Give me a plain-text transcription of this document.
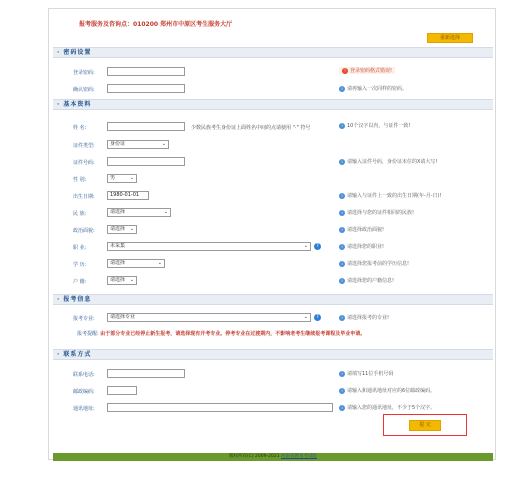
报考服务及咨询点：010200 郑州市中原区考生服务大厅
重新选择
· 密码设置
登录密码:	! 登录密码格式错误!
确认密码:	i 请再输入一次同样的密码。
· 基本资料
姓 名:	少数民族考生身份证上面姓名中间的点请使用 "·" 符号	i 10个汉字以内，与证件一致!
证件类型:	身份证	⌄
证件号码:	i 请输入证件号码，身份证末位的X请大写!
性 别:	男	⌄
出生日期:	1980-01-01	i 请输入与证件上一致的出生日期(年-月-日)!
民 族:	请选择	⌄	i 请选择与您的证件相同的民族!
政治面貌:	请选择 ⌄	i 请选择政治面貌!
职 业:	未采集	⌄	?	i 请选择您的职业!
学 历:	请选择	⌄	i 请选择您报考前的学历信息!
户 籍:	请选择 ⌄	i 请选择您的户籍信息!
· 报考信息
报考专业:	请选择专业	⌄	?	i 请选择报考的专业!
报考提醒: 由于部分专业已经停止新生报考，请选择现有开考专业。停考专业在过渡期内，不影响老考生继续报考课程及毕业申请。
· 联系方式
联系电话:	i 请填写11位手机号码
邮政编码:	i 请输入和通讯地址对应的6位邮政编码。
通讯地址:	i 请输入您的通讯地址，不少于5个汉字。
提 交
版权所有(C) 2009-2021 河南省教育考试院
